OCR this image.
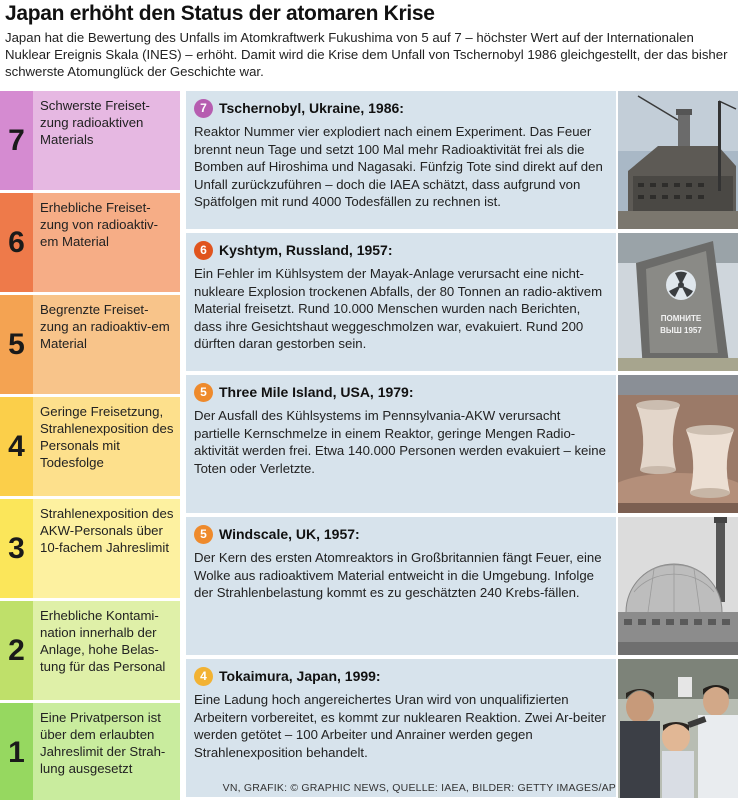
Japan erhöht den Status der atomaren Krise
Japan hat die Bewertung des Unfalls im Atomkraftwerk Fukushima von 5 auf 7 – höchster Wert auf der Internationalen Nuklear Ereignis Skala (INES) – erhöht. Damit wird die Krise dem Unfall von Tschernobyl 1986 gleichgestellt, der das bisher schwerste Atomunglück der Geschichte war.
7
Schwerste Freiset-zung radioaktiven Materials
6
Erhebliche Freiset-zung von radioaktiv-em Material
5
Begrenzte Freiset-zung an radioaktiv-em Material
4
Geringe Freisetzung, Strahlenexposition des Personals mit Todesfolge
3
Strahlenexposition des AKW-Personals über 10-fachem Jahreslimit
2
Erhebliche Kontami-nation innerhalb der Anlage, hohe Belas-tung für das Personal
1
Eine Privatperson ist über dem erlaubten Jahreslimit der Strah-lung ausgesetzt
7 Tschernobyl, Ukraine, 1986:
Reaktor Nummer vier explodiert nach einem Experiment. Das Feuer brennt neun Tage und setzt 100 Mal mehr Radioaktivität frei als die Bomben auf Hiroshima und Nagasaki. Fünfzig Tote sind direkt auf den Unfall zurückzuführen – doch die IAEA schätzt, dass aufgrund von Spätfolgen mit rund 4000 Todesfällen zu rechnen ist.
6 Kyshtym, Russland, 1957:
Ein Fehler im Kühlsystem der Mayak-Anlage verursacht eine nicht-nukleare Explosion trockenen Abfalls, der 80 Tonnen an radio-aktivem Material freisetzt. Rund 10.000 Menschen wurden nach Berichten, dass ihre Gesichtshaut weggeschmolzen war, evakuiert. Rund 200 dürften daran gestorben sein.
5 Three Mile Island, USA, 1979:
Der Ausfall des Kühlsystems im Pennsylvania-AKW verursacht partielle Kernschmelze in einem Reaktor, geringe Mengen Radio-aktivität werden frei. Etwa 140.000 Personen werden evakuiert – keine Toten oder Verletzte.
5 Windscale, UK, 1957:
Der Kern des ersten Atomreaktors in Großbritannien fängt Feuer, eine Wolke aus radioaktivem Material entweicht in die Umgebung. Infolge der Strahlenbelastung kommt es zu geschätzten 240 Krebs-fällen.
4 Tokaimura, Japan, 1999:
Eine Ladung hoch angereichertes Uran wird von unqualifizierten Arbeitern vorbereitet, es kommt zur nuklearen Reaktion. Zwei Ar-beiter werden getötet – 100 Arbeiter und Anrainer werden gegen Strahlenexposition behandelt.
ПОМНИТЕ
ВЫШ 1957
VN, GRAFIK: © GRAPHIC NEWS, QUELLE: IAEA, BILDER: GETTY IMAGES/AP
